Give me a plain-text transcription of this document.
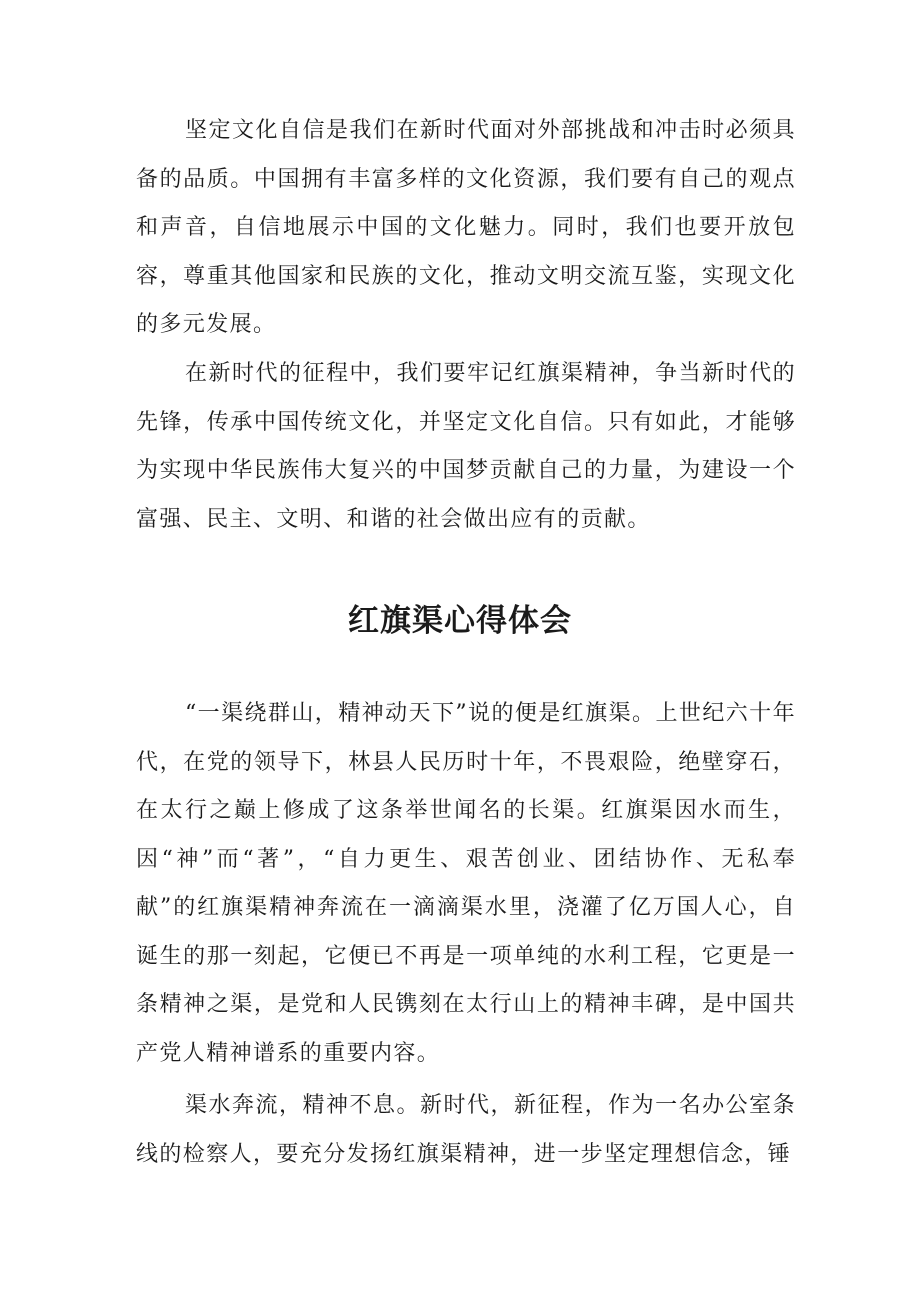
坚定文化自信是我们在新时代面对外部挑战和冲击时必须具备的品质。中国拥有丰富多样的文化资源，我们要有自己的观点和声音，自信地展示中国的文化魅力。同时，我们也要开放包容，尊重其他国家和民族的文化，推动文明交流互鉴，实现文化的多元发展。

在新时代的征程中，我们要牢记红旗渠精神，争当新时代的先锋，传承中国传统文化，并坚定文化自信。只有如此，才能够为实现中华民族伟大复兴的中国梦贡献自己的力量，为建设一个富强、民主、文明、和谐的社会做出应有的贡献。

红旗渠心得体会

“一渠绕群山，精神动天下”说的便是红旗渠。上世纪六十年代，在党的领导下，林县人民历时十年，不畏艰险，绝壁穿石，在太行之巅上修成了这条举世闻名的长渠。红旗渠因水而生，因“神”而“著”，“自力更生、艰苦创业、团结协作、无私奉献”的红旗渠精神奔流在一滴滴渠水里，浇灌了亿万国人心，自诞生的那一刻起，它便已不再是一项单纯的水利工程，它更是一条精神之渠，是党和人民镌刻在太行山上的精神丰碑，是中国共产党人精神谱系的重要内容。

渠水奔流，精神不息。新时代，新征程，作为一名办公室条线的检察人，要充分发扬红旗渠精神，进一步坚定理想信念，锤
